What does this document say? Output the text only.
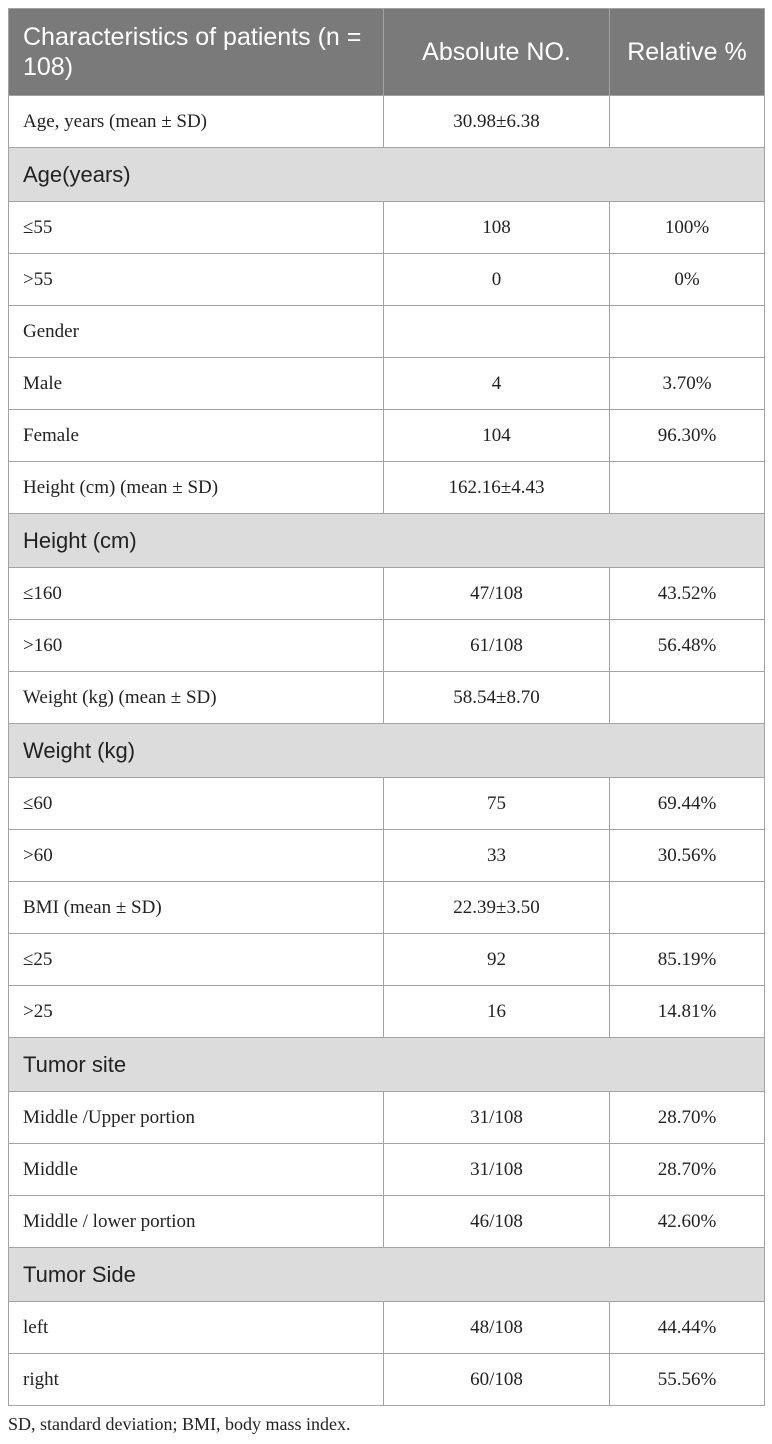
Characteristics of patients (n = 108)	Absolute NO.	Relative %
Age, years (mean ± SD)	30.98±6.38	
Age(years)		
≤55	108	100%
>55	0	0%
Gender		
Male	4	3.70%
Female	104	96.30%
Height (cm) (mean ± SD)	162.16±4.43	
Height (cm)		
≤160	47/108	43.52%
>160	61/108	56.48%
Weight (kg) (mean ± SD)	58.54±8.70	
Weight (kg)		
≤60	75	69.44%
>60	33	30.56%
BMI (mean ± SD)	22.39±3.50	
≤25	92	85.19%
>25	16	14.81%
Tumor site		
Middle /Upper portion	31/108	28.70%
Middle	31/108	28.70%
Middle / lower portion	46/108	42.60%
Tumor Side		
left	48/108	44.44%
right	60/108	55.56%
SD, standard deviation; BMI, body mass index.
